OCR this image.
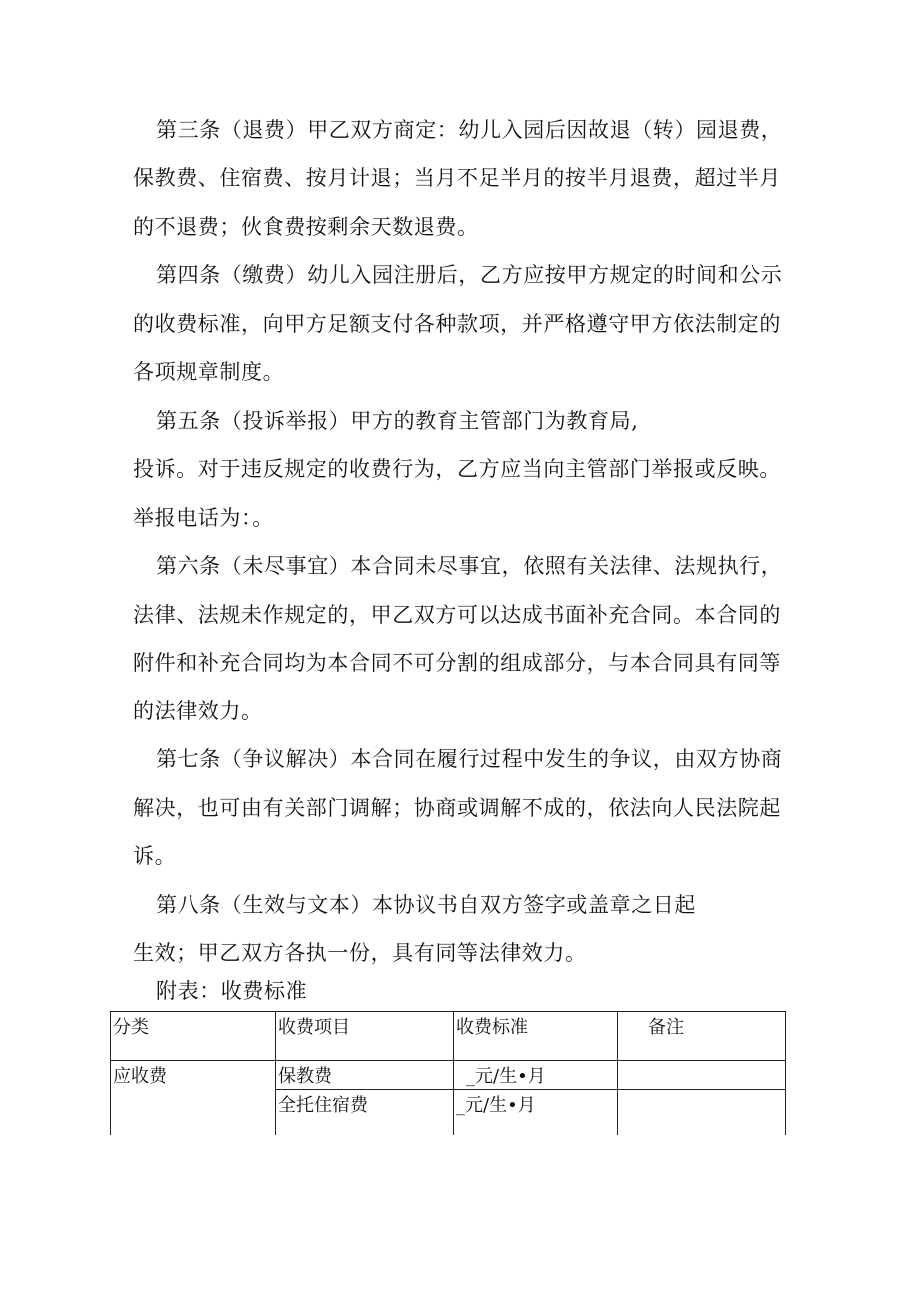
第三条（退费）甲乙双方商定：幼儿入园后因故退（转）园退费，
保教费、住宿费、按月计退；当月不足半月的按半月退费，超过半月
的不退费；伙食费按剩余天数退费。
第四条（缴费）幼儿入园注册后，乙方应按甲方规定的时间和公示
的收费标准，向甲方足额支付各种款项，并严格遵守甲方依法制定的
各项规章制度。
第五条（投诉举报）甲方的教育主管部门为教育局,
投诉。对于违反规定的收费行为，乙方应当向主管部门举报或反映。
举报电话为：。
第六条（未尽事宜）本合同未尽事宜，依照有关法律、法规执行，
法律、法规未作规定的，甲乙双方可以达成书面补充合同。本合同的
附件和补充合同均为本合同不可分割的组成部分，与本合同具有同等
的法律效力。
第七条（争议解决）本合同在履行过程中发生的争议，由双方协商
解决，也可由有关部门调解；协商或调解不成的，依法向人民法院起
诉。
第八条（生效与文本）本协议书自双方签字或盖章之日起
生效；甲乙双方各执一份，具有同等法律效力。
附表：收费标准
分类	收费项目	收费标准	备注
应收费	保教费	_元/生•月	
	全托住宿费	_元/生•月	
